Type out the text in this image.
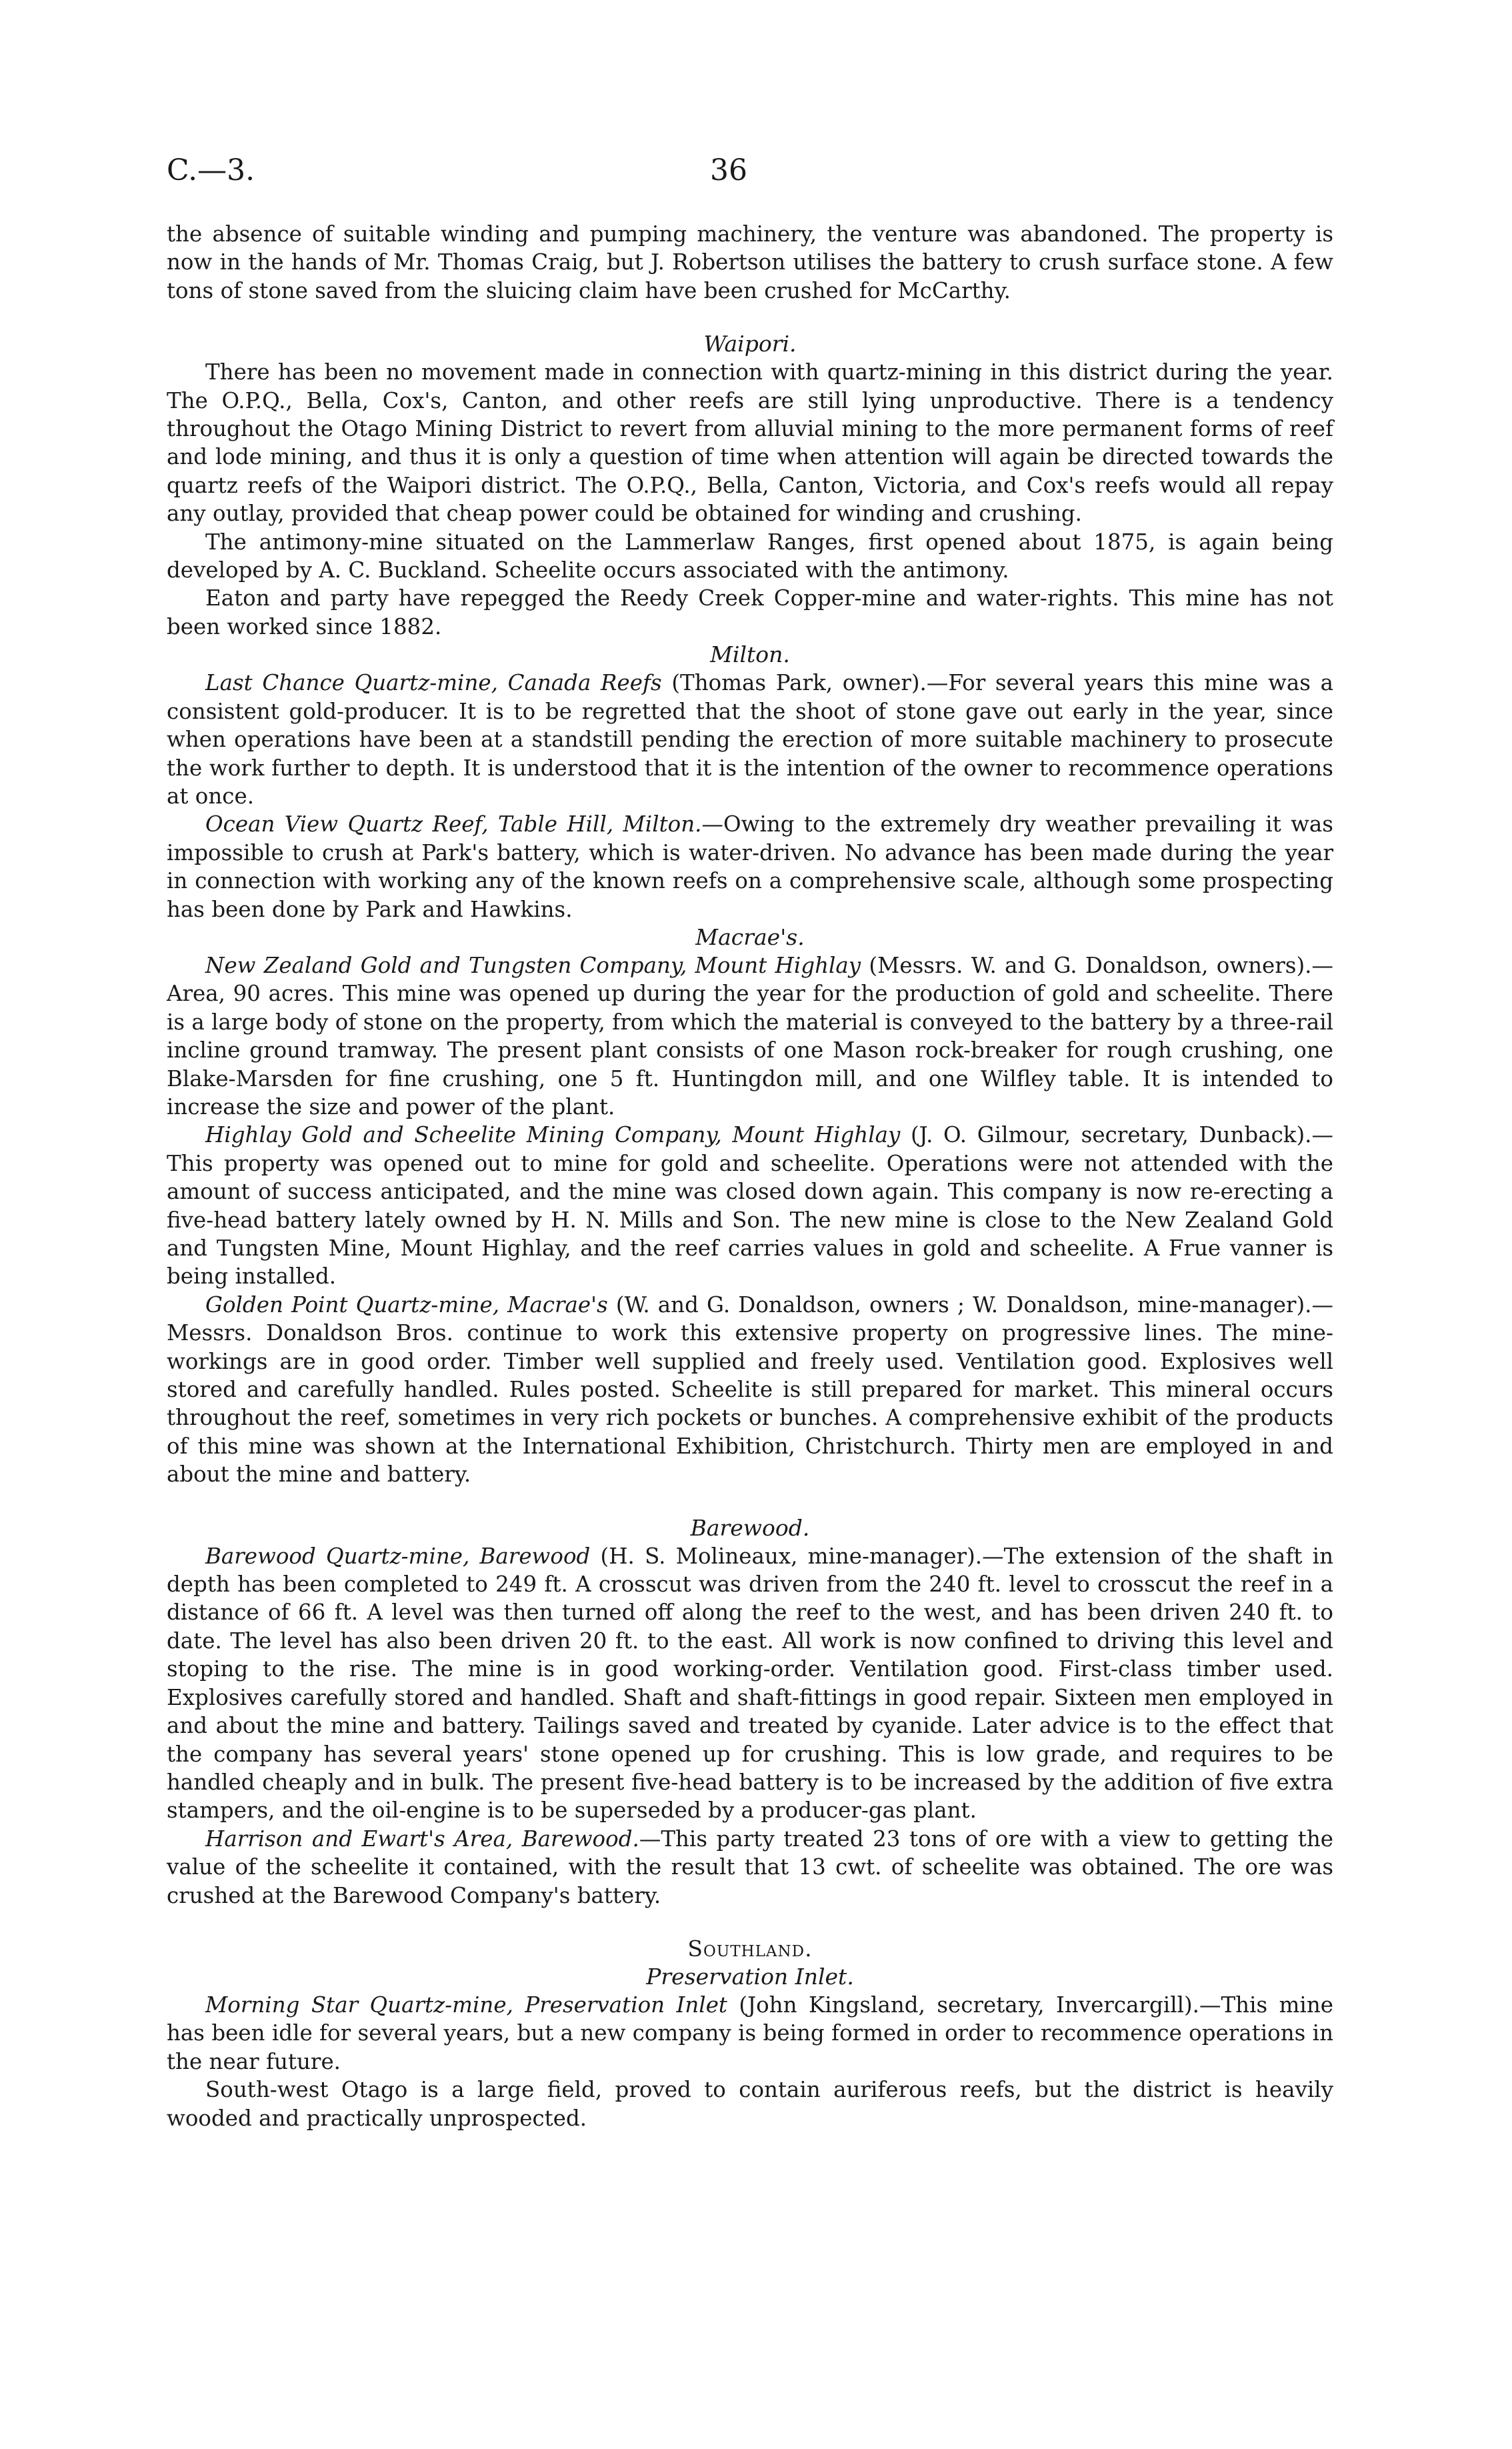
C.—3.	36

the absence of suitable winding and pumping machinery, the venture was abandoned. The property is now in the hands of Mr. Thomas Craig, but J. Robertson utilises the battery to crush surface stone. A few tons of stone saved from the sluicing claim have been crushed for McCarthy.

Waipori.

There has been no movement made in connection with quartz-mining in this district during the year. The O.P.Q., Bella, Cox's, Canton, and other reefs are still lying unproductive. There is a tendency throughout the Otago Mining District to revert from alluvial mining to the more permanent forms of reef and lode mining, and thus it is only a question of time when attention will again be directed towards the quartz reefs of the Waipori district. The O.P.Q., Bella, Canton, Victoria, and Cox's reefs would all repay any outlay, provided that cheap power could be obtained for winding and crushing.

The antimony-mine situated on the Lammerlaw Ranges, first opened about 1875, is again being developed by A. C. Buckland. Scheelite occurs associated with the antimony.

Eaton and party have repegged the Reedy Creek Copper-mine and water-rights. This mine has not been worked since 1882.

Milton.

Last Chance Quartz-mine, Canada Reefs (Thomas Park, owner).—For several years this mine was a consistent gold-producer. It is to be regretted that the shoot of stone gave out early in the year, since when operations have been at a standstill pending the erection of more suitable machinery to prosecute the work further to depth. It is understood that it is the intention of the owner to recommence operations at once.

Ocean View Quartz Reef, Table Hill, Milton.—Owing to the extremely dry weather prevailing it was impossible to crush at Park's battery, which is water-driven. No advance has been made during the year in connection with working any of the known reefs on a comprehensive scale, although some prospecting has been done by Park and Hawkins.

Macrae's.

New Zealand Gold and Tungsten Company, Mount Highlay (Messrs. W. and G. Donaldson, owners).—Area, 90 acres. This mine was opened up during the year for the production of gold and scheelite. There is a large body of stone on the property, from which the material is conveyed to the battery by a three-rail incline ground tramway. The present plant consists of one Mason rock-breaker for rough crushing, one Blake-Marsden for fine crushing, one 5 ft. Huntingdon mill, and one Wilfley table. It is intended to increase the size and power of the plant.

Highlay Gold and Scheelite Mining Company, Mount Highlay (J. O. Gilmour, secretary, Dunback).—This property was opened out to mine for gold and scheelite. Operations were not attended with the amount of success anticipated, and the mine was closed down again. This company is now re-erecting a five-head battery lately owned by H. N. Mills and Son. The new mine is close to the New Zealand Gold and Tungsten Mine, Mount Highlay, and the reef carries values in gold and scheelite. A Frue vanner is being installed.

Golden Point Quartz-mine, Macrae's (W. and G. Donaldson, owners ; W. Donaldson, mine-manager).—Messrs. Donaldson Bros. continue to work this extensive property on progressive lines. The mine-workings are in good order. Timber well supplied and freely used. Ventilation good. Explosives well stored and carefully handled. Rules posted. Scheelite is still prepared for market. This mineral occurs throughout the reef, sometimes in very rich pockets or bunches. A comprehensive exhibit of the products of this mine was shown at the International Exhibition, Christchurch. Thirty men are employed in and about the mine and battery.

Barewood.

Barewood Quartz-mine, Barewood (H. S. Molineaux, mine-manager).—The extension of the shaft in depth has been completed to 249 ft. A crosscut was driven from the 240 ft. level to crosscut the reef in a distance of 66 ft. A level was then turned off along the reef to the west, and has been driven 240 ft. to date. The level has also been driven 20 ft. to the east. All work is now confined to driving this level and stoping to the rise. The mine is in good working-order. Ventilation good. First-class timber used. Explosives carefully stored and handled. Shaft and shaft-fittings in good repair. Sixteen men employed in and about the mine and battery. Tailings saved and treated by cyanide. Later advice is to the effect that the company has several years' stone opened up for crushing. This is low grade, and requires to be handled cheaply and in bulk. The present five-head battery is to be increased by the addition of five extra stampers, and the oil-engine is to be superseded by a producer-gas plant.

Harrison and Ewart's Area, Barewood.—This party treated 23 tons of ore with a view to getting the value of the scheelite it contained, with the result that 13 cwt. of scheelite was obtained. The ore was crushed at the Barewood Company's battery.

Southland.
Preservation Inlet.

Morning Star Quartz-mine, Preservation Inlet (John Kingsland, secretary, Invercargill).—This mine has been idle for several years, but a new company is being formed in order to recommence operations in the near future.

South-west Otago is a large field, proved to contain auriferous reefs, but the district is heavily wooded and practically unprospected.
